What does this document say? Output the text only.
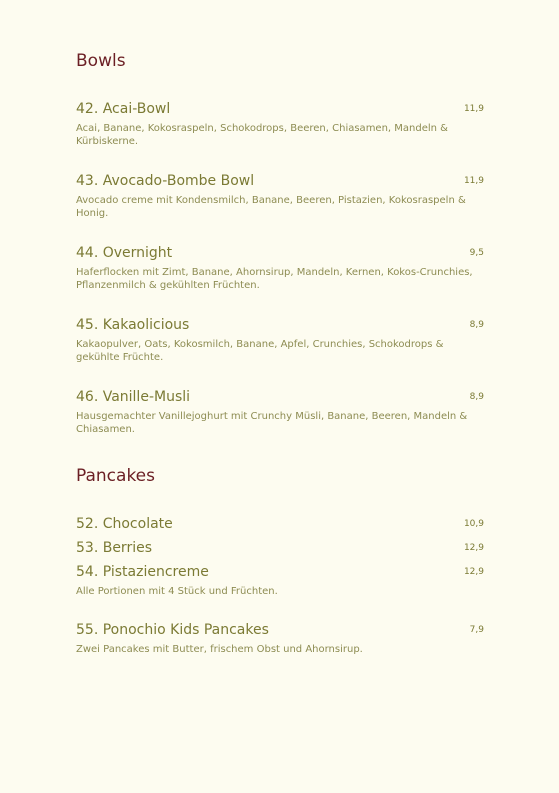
Bowls
42. Acai-Bowl	11,9
Acai, Banane, Kokosraspeln, Schokodrops, Beeren, Chiasamen, Mandeln & Kürbiskerne.
43. Avocado-Bombe Bowl	11,9
Avocado creme mit Kondensmilch, Banane, Beeren, Pistazien, Kokosraspeln & Honig.
44. Overnight	9,5
Haferflocken mit Zimt, Banane, Ahornsirup, Mandeln, Kernen, Kokos-Crunchies, Pflanzenmilch & gekühlten Früchten.
45. Kakaolicious	8,9
Kakaopulver, Oats, Kokosmilch, Banane, Apfel, Crunchies, Schokodrops & gekühlte Früchte.
46. Vanille-Musli	8,9
Hausgemachter Vanillejoghurt mit Crunchy Müsli, Banane, Beeren, Mandeln & Chiasamen.
Pancakes
52. Chocolate	10,9
53. Berries	12,9
54. Pistaziencreme	12,9
Alle Portionen mit 4 Stück und Früchten.
55. Ponochio Kids Pancakes	7,9
Zwei Pancakes mit Butter, frischem Obst und Ahornsirup.
